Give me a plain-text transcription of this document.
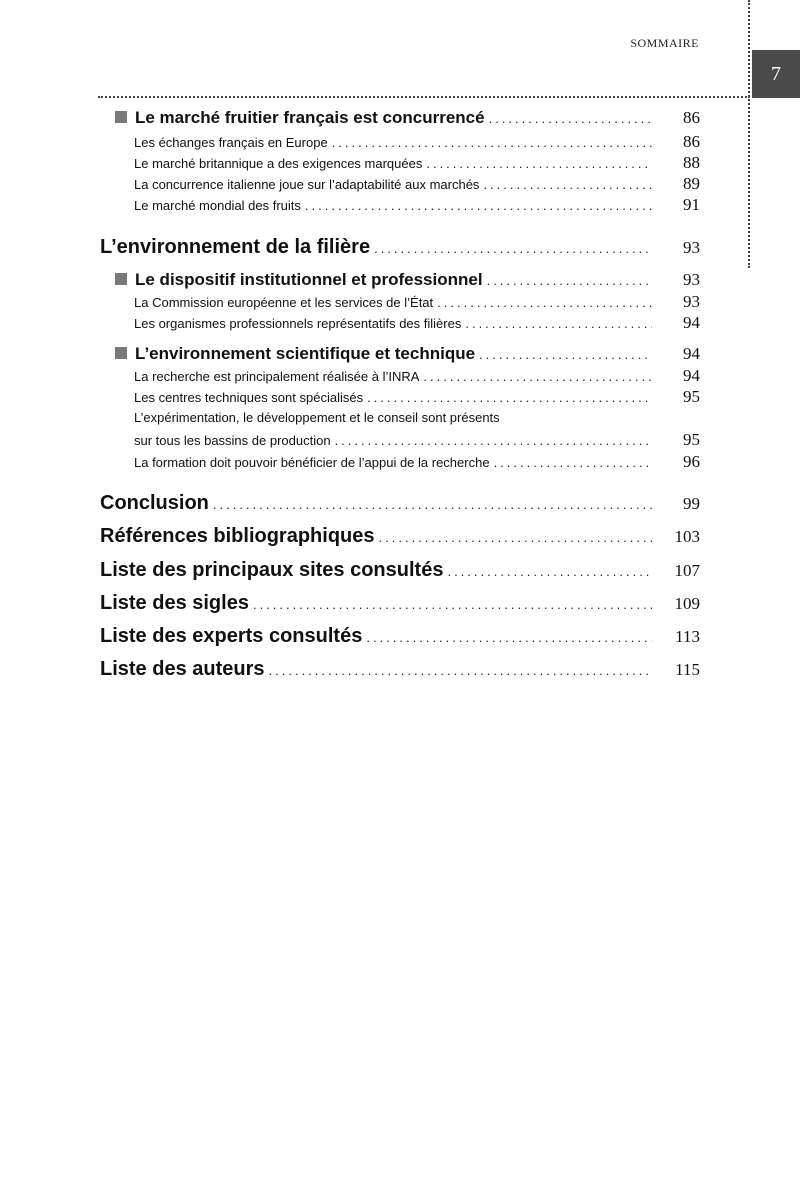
SOMMAIRE
7
Le marché fruitier français est concurrencé .....	86
Les échanges français en Europe .....	86
Le marché britannique a des exigences marquées .....	88
La concurrence italienne joue sur l’adaptabilité aux marchés .....	89
Le marché mondial des fruits .....	91
L’environnement de la filière .....	93
Le dispositif institutionnel et professionnel .....	93
La Commission européenne et les services de l’État .....	93
Les organismes professionnels représentatifs des filières .....	94
L’environnement scientifique et technique .....	94
La recherche est principalement réalisée à l’INRA .....	94
Les centres techniques sont spécialisés .....	95
L’expérimentation, le développement et le conseil sont présents
sur tous les bassins de production .....	95
La formation doit pouvoir bénéficier de l’appui de la recherche .....	96
Conclusion .....	99
Références bibliographiques .....	103
Liste des principaux sites consultés .....	107
Liste des sigles .....	109
Liste des experts consultés .....	113
Liste des auteurs .....	115
